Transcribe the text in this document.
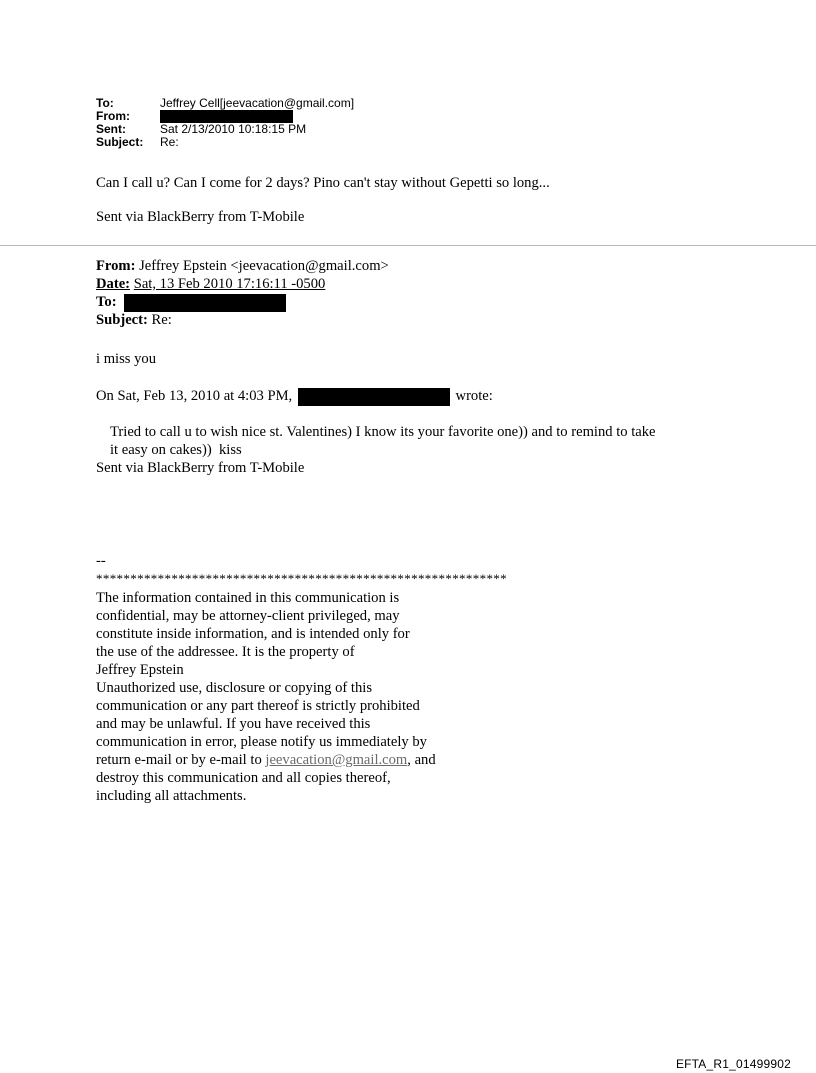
To:	Jeffrey Cell[jeevacation@gmail.com]
From:
Sent:	Sat 2/13/2010 10:18:15 PM
Subject:	Re:
Can I call u? Can I come for 2 days? Pino can't stay without Gepetti so long...
Sent via BlackBerry from T-Mobile
From: Jeffrey Epstein <jeevacation@gmail.com>
Date: Sat, 13 Feb 2010 17:16:11 -0500
To:
Subject: Re:
i miss you
On Sat, Feb 13, 2010 at 4:03 PM,	wrote:
Tried to call u to wish nice st. Valentines) I know its your favorite one)) and to remind to take
it easy on cakes))  kiss
Sent via BlackBerry from T-Mobile
--
************************************************************
The information contained in this communication is
confidential, may be attorney-client privileged, may
constitute inside information, and is intended only for
the use of the addressee. It is the property of
Jeffrey Epstein
Unauthorized use, disclosure or copying of this
communication or any part thereof is strictly prohibited
and may be unlawful. If you have received this
communication in error, please notify us immediately by
return e-mail or by e-mail to jeevacation@gmail.com, and
destroy this communication and all copies thereof,
including all attachments.
EFTA_R1_01499902
